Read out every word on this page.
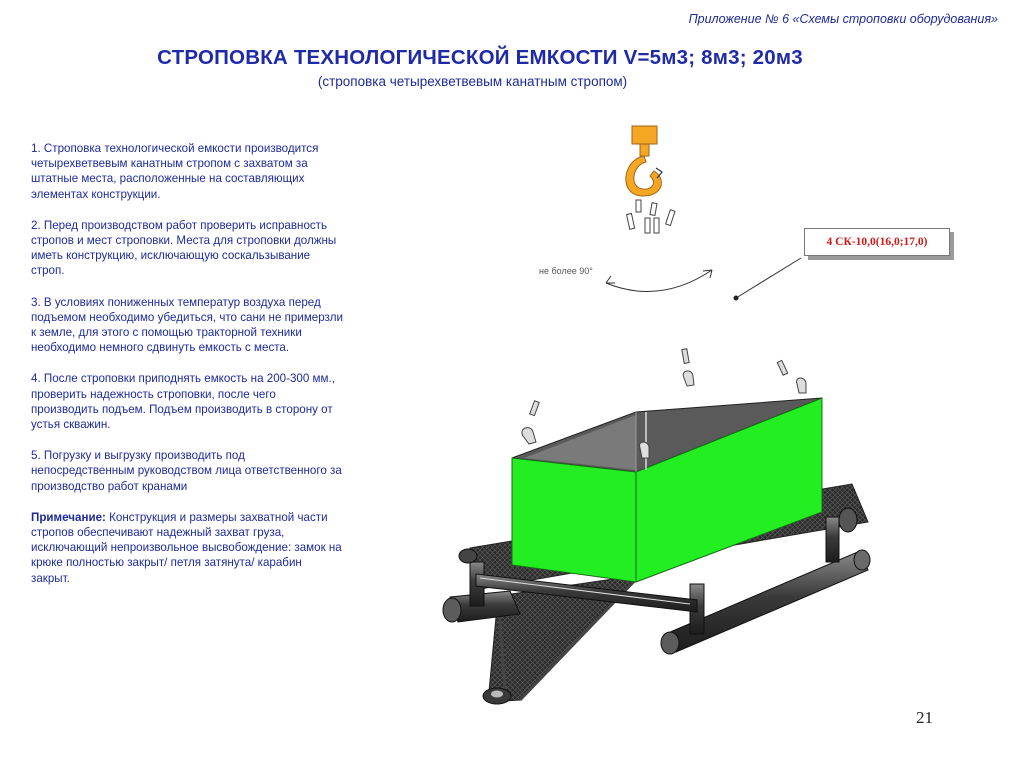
Приложение № 6 «Схемы строповки оборудования»
СТРОПОВКА ТЕХНОЛОГИЧЕСКОЙ ЕМКОСТИ V=5м3; 8м3; 20м3
(строповка четырехветвевым канатным стропом)

1. Строповка технологической емкости производится четырехветвевым канатным стропом с захватом за штатные места, расположенные на составляющих элементах конструкции.

2. Перед производством работ проверить исправность стропов и мест строповки. Места для строповки должны иметь конструкцию, исключающую соскальзывание строп.

3. В условиях пониженных температур воздуха перед подъемом необходимо убедиться, что сани не примерзли к земле, для этого с помощью тракторной техники необходимо немного сдвинуть емкость с места.

4. После строповки приподнять емкость на 200-300 мм., проверить надежность строповки, после чего производить подъем. Подъем производить в сторону от устья скважин.

5. Погрузку и выгрузку производить под непосредственным руководством лица ответственного за производство работ кранами

Примечание: Конструкция и размеры захватной части стропов обеспечивают надежный захват груза, исключающий непроизвольное высвобождение: замок на крюке полностью закрыт/ петля затянута/ карабин закрыт.

4 СК-10,0(16,0;17,0)
не более 90°
21
